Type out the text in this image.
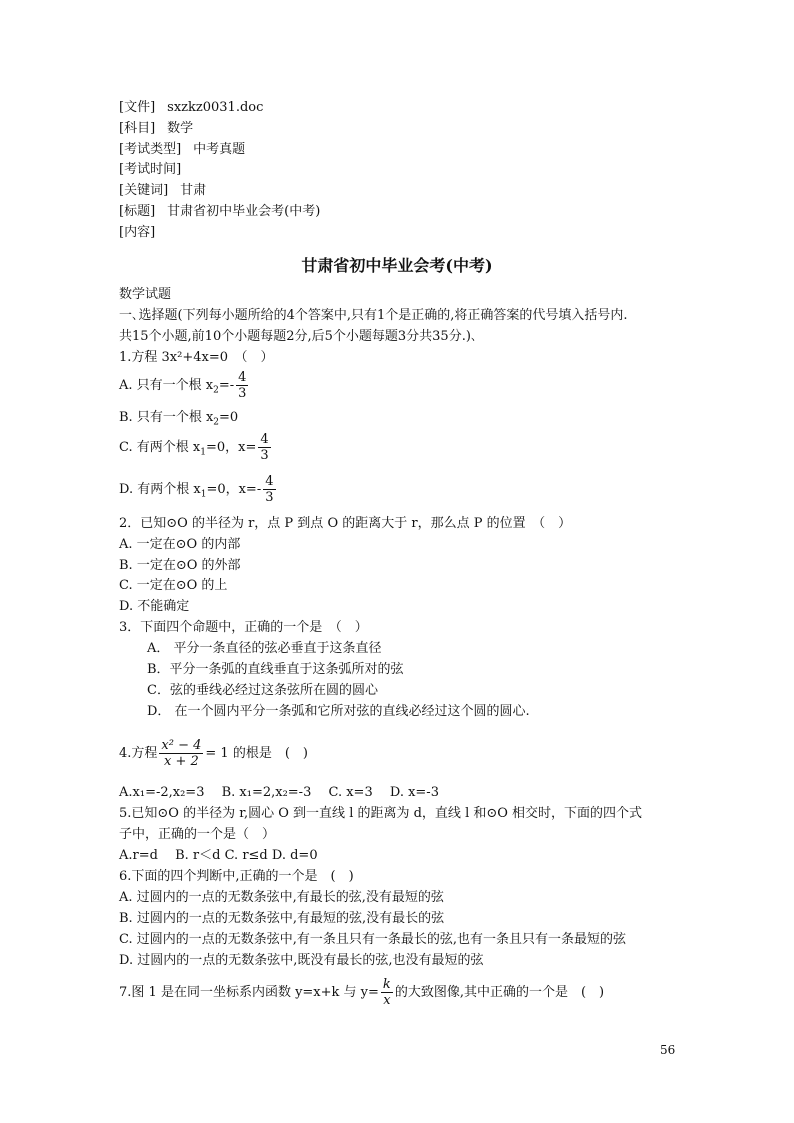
[文件] sxzkz0031.doc
[科目] 数学
[考试类型] 中考真题
[考试时间]
[关键词] 甘肃
[标题] 甘肃省初中毕业会考(中考)
[内容]
甘肃省初中毕业会考(中考)
数学试题
一､选择题(下列每小题所给的4个答案中,只有1个是正确的,将正确答案的代号填入括号内.
共15个小题,前10个小题每题2分,后5个小题每题3分共35分.)､
1.方程 3x²+4x=0　（　）
A. 只有一个根 $x_2=- \frac{4}{3}$
B. 只有一个根 $x_2=0$
C. 有两个根 $x_1=0$，$x= \frac{4}{3}$
D. 有两个根 $x_1=0$，$x=- \frac{4}{3}$
2．已知⊙O 的半径为 r，点 P 到点 O 的距离大于 r，那么点 P 的位置　（　）
A. 一定在⊙O 的内部
B. 一定在⊙O 的外部
C. 一定在⊙O 的上
D. 不能确定
3．下面四个命题中，正确的一个是　（　）
A． 平分一条直径的弦必垂直于这条直径
B．平分一条弧的直线垂直于这条弧所对的弦
C．弦的垂线必经过这条弦所在圆的圆心
D． 在一个圆内平分一条弧和它所对弦的直线必经过这个圆的圆心.
4.方程 $\frac{\text{x² − 4}}{x + 2} = 1$ 的根是　(　)
A.x₁=-2,x₂=3　 B. x₁=2,x₂=-3　 C. x=3　 D. x=-3
5.已知⊙O 的半径为 r,圆心 O 到一直线 l 的距离为 d，直线 l 和⊙O 相交时，下面的四个式
子中，正确的一个是（　）
A.r=d　 B. r＜d C. r≤d D. d=0
6.下面的四个判断中,正确的一个是　(　)
A. 过圆内的一点的无数条弦中,有最长的弦,没有最短的弦
B. 过圆内的一点的无数条弦中,有最短的弦,没有最长的弦
C. 过圆内的一点的无数条弦中,有一条且只有一条最长的弦,也有一条且只有一条最短的弦
D. 过圆内的一点的无数条弦中,既没有最长的弦,也没有最短的弦
7.图 1 是在同一坐标系内函数 y=x+k 与 $y= \frac{k}{x}$ 的大致图像,其中正确的一个是　(　)
56
